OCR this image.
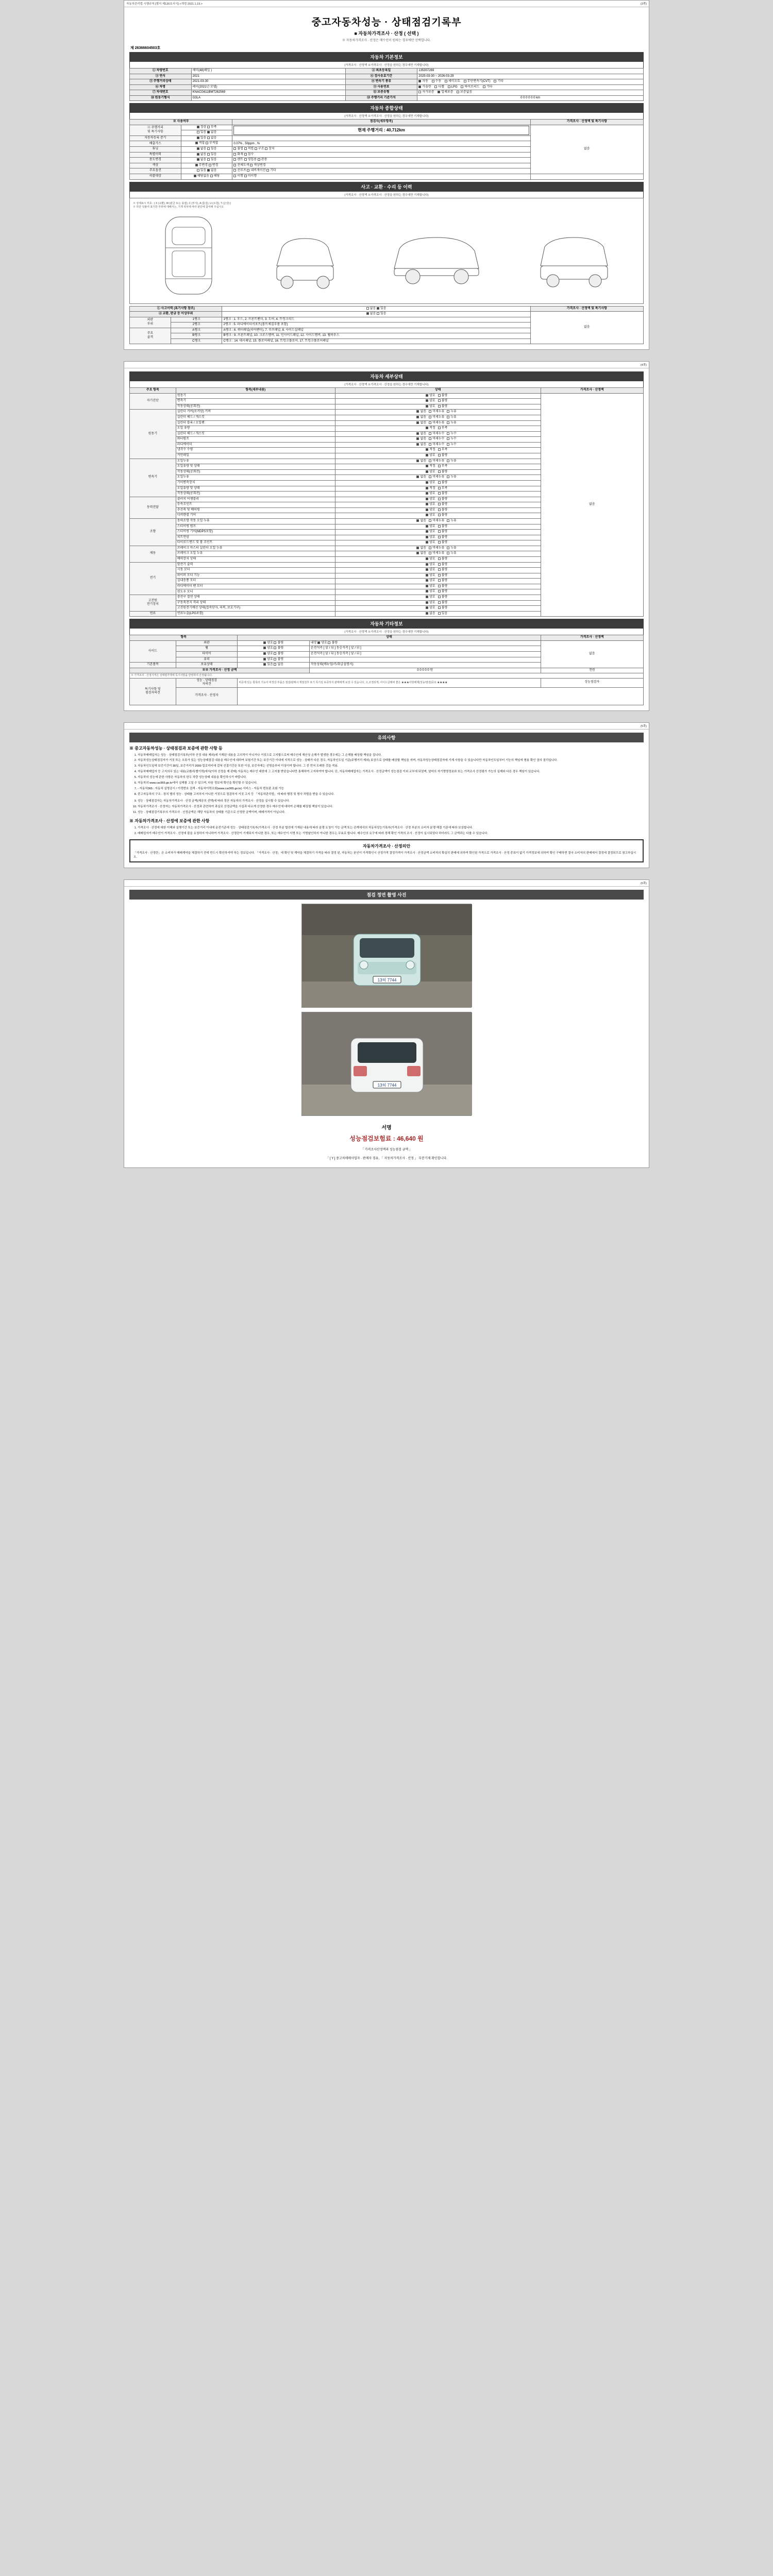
자동차관리법 시행규칙 [별지 제120호서식] <개정 2021.1.19.>	(3쪽)
중고자동차성능 · 상태점검기록부
■ 자동차가격조사 · 산정 ( 선택 )
※ 자동차가격조사 · 산정은 매수인이 원하는 경우에만 선택합니다.
제 26366604503호
자동차 기본정보
(가격조사 · 산정액 ※가격조사 · 산정을 원하는 경우에만 기재합니다)
① 차량번호	해미(48)해일 )	② 최초등록일	135307269
③ 연식	2021	④ 검사유효기간	2025-03-30 ~ 2026-03-29
⑤ 주행거리상태	2021-03-30	⑧ 변속기 종류	자동 수동 세미오토 무단변속기(CVT) 기타
⑥ 차명	레이(2021년 모델)	⑨ 사용연료	가솔린 디젤 LPG 하이브리드 기타
⑦ 차대번호	KNACG611BMT262569	⑪ 보증유형	자가보증 업체보증 보증없음
⑩ 원동기형식	G3LA	⑬ 주행거리 기준가치	0 0 0 0 0 0 km
자동차 종합상태
(가격조사 · 산정액 ※가격조사 · 산정을 원하는 경우에만 기재합니다)
※ 사용여부		점검자(세부항목)	가격조사 · 산정액 및 특기사항
④ 주행거리
및 특기사항	정상 부족	현재 주행거리 : 40,712km	없음
	있음 없음		
자동차등록 증기	있음 없음		
배출가스	적합 부적합	0.07% , 50ppm , %	
튜닝	없음 있음	불법 적법 구조 장치	
특별이력	없음 있음	화재 침수	
용도변경	없음 있음	렌트 영업용 관용	
색상	무변경 변경	전체도색 색상변경	
주요옵션	있음 없음	선루프 내비게이션 기타	
리콜대상	해당없음 해당	이행 미이행	
사고 · 교환 · 수리 등 이력
(가격조사 · 산정액 ※가격조사 · 산정을 원하는 경우에만 기재합니다)
※ 상태표시 부호 : ( X (교환), W (판금 또는 용접), C (부식), A (흠집), U (요철), T (손상) )
※ 하단 덧붙여 표기한 부위에 대해서는, 기재 위치에 따라 판단에 참여해 주십시오
① 사고이력 (표기사항 참조)		없음 있음	가격조사 · 산정액 및 특기사항
② 교환, 판금 등 이상부위		없음 있음	없음
외판
부위	1랭크	1랭크 : 1. 후드, 2. 프론트펜더, 3. 도어, 4. 트렁크리드	
	2랭크	2랭크 : 5. 라디에이터서포트(볼트체결부품 포함)	
주요
골격	A랭크	A랭크 : 6. 쿼터패널(리어펜더), 7. 루프패널, 8. 사이드실패널	
	B랭크	B랭크 : 9. 프론트패널, 10. 크로스멤버, 11. 인사이드패널, 12. 사이드멤버, 13. 휠하우스	
	C랭크	C랭크 : 14. 대시패널, 15. 플로어패널, 16. 트렁크플로어, 17. 트렁크플로어패널	
(4쪽)
자동차 세부상태
(가격조사 · 산정액 ※가격조사 · 산정을 원하는 경우에만 기재합니다)
주요 항목	항목(세부내용)	상태	가격조사 · 산정액
자기진단	원동기	양호 불량	없음
	변속기	양호 불량	
	작동상태(공회전)	양호 불량	
원동기	실린더 커버(로커암) 커버	없음 미세누유 누유	
	실린더 헤드 / 개스킷	없음 미세누유 누유	
	실린더 블록 / 오일팬	없음 미세누유 누유	
	오일 유량	적정 부족	
	실린더 헤드 / 개스킷	없음 미세누수 누수	
	워터펌프	없음 미세누수 누수	
	라디에이터	없음 미세누수 누수	
	냉각수 수량	적정 부족	
	커먼레일	양호 불량	
변속기	오일누유	없음 미세누유 누유	
	오일유량 및 상태	적정 부족	
	작동상태(공회전)	양호 불량	
	오일누유	없음 미세누유 누유	
	기어변속장치	양호 불량	
	오일유량 및 상태	적정 부족	
	작동상태(공회전)	양호 불량	
동력전달	클러치 어셈블리	양호 불량	
	등속조인트	양호 불량	
	추진축 및 베어링	양호 불량	
	디퍼렌셜 기어	양호 불량	
조향	동력조향 작동 오일 누유	없음 미세누유 누유	
	스티어링 펌프	양호 불량	
	스티어링 기어(MDPS포함)	양호 불량	
	피트먼암	양호 불량	
	타이로드엔드 및 볼 조인트	양호 불량	
제동	브레이크 마스터 실린더 오일 누유	없음 미세누유 누유	
	브레이크 오일 누유	없음 미세누유 누유	
	배력장치 상태	양호 불량	
전기	발전기 출력	양호 불량	
	시동 모터	양호 불량	
	와이퍼 모터 기능	양호 불량	
	실내송풍 모터	양호 불량	
	라디에이터 팬 모터	양호 불량	
	윈도우 모터	양호 불량	
고전원
전기장치	충전구 절연 상태	양호 불량	
	구동축전지 격리 상태	양호 불량	
	고전원전기배선 상태(접속단자, 피복, 보호기구)	양호 불량	
연료	연료누출(LPG포함)	없음 있음	
자동차 기타정보
(가격조사 · 산정액 ※가격조사 · 산정을 원하는 경우에만 기재합니다)
항목		상태		가격조사 · 산정액
사이드	외관	양호 불량	내장 양호 불량	없음
	휠	양호 불량	운전석측 [ 앞 / 뒤 ] 동승석측 [ 앞 / 뒤 ]	
	타이어	양호 불량	운전석측 [ 앞 / 뒤 ] 동승석측 [ 앞 / 뒤 ]	
	유리	양호 불량		
기본품목	보유상태	있음 없음	작동상태(메뉴얼/키/취급설명서)	
※※ 가격조사 · 산정 금액			0 0 0 0 0 원	천원
※ 가격조사 · 산정가격은 상태평가액에 특기사항을 반영하여 산정됩니다.				
특기사항 및
점검자의견	성능 · 상태점검
자의견	비공에 있는 항목의 기능이 비정상 부품은 점검/판매시 재점검후 포기 특기심 보증하지 판매에게 보상 수 있습니다, 고,조정되게, 사이드글래퍼 좋은 ★★★사항해제(성능/점검)중요 ★★★★		성능점검자
	가격조사 · 산정자			
(5쪽)
유의사항
※ 중고자동차성능 · 상태점검과 보증에 관한 사항 등
1. 자동차매매업자는 성능 · 상태점검기록부(이하 산정 내용 제외)에 기재된 내용을 고의적이 아니거나 거짓으로 고지할으로써 매수인에 재산상 손해가 발생한 경우에는 그 손해를 배상할 책임을 집니다.
2. 자동차성능상태점검자가 거짓 또는 오류가 있는 성능상태점검 내용을 매수인에 대하여 보험기간 또는 보증기간 이내에 지적으로 성능 · 상태가 다른 경우, 자동차인도일 기준(주행거리 제외) 보상으로 상태를 배상할 책임을 지며, 자동차성능상태점검자에 기재 사항을 수 있습니다만 자동차인도일부터 기능의 책임에 형용 확인 권의 권리입니다.
3. 자동차인도일에 보증기간이 30일, 보증거리가 2000 킬로미터에 걸쳐 선결기간은 또한 이상, 보증자에는 선명을부터 이상이여 합니다. 그 중 먼저 도래한 것을 적용.
4. 자동차매매업자 등 고지의무 있는 내용(교환/특별이력)에서(이하 산정을 제 판매) 자동차는 매수인 대한에 그 고지를 받았습니다만 통해하여 고지하여야 합니다. 단, 자동차매매업자는 가격조사 · 산정금액이 성능점검 이외 교부에 되었며, 열어의 자기명명정보와 또는 가격조사 산정평가 가능의 실제와 다른 경우 책임이 있습니다.
5. 자동차의 성능에 관한 사항은 자동차의 한두 차량 성능상태 내용을 확인하시기 바랍니다.
6. 자동차의 www.car365.go.kr에서 실제를 고칠 수 있으며, 다음 정보에 확인을 확인할 수 있습니다.
7. - 자동차365 : 자동차 실명공시 / 이력번호 검색 - 자동차이력조회(www.car365.go.kr) 서비스 - 자동차 번호판 조회 가능
8. 중고자동차의 구조 · 장치 별의 성능 · 상태를 고지하지 아니한 거짓으로 점검하지 거짓 고지 등 「자동차관리법」에 따라 행정 및 형사 처벌을 받을 수 있습니다.
9. 성능 · 상태점검자는 자동차가격조사 · 산정 금액(제공의 선택)에 따라 정산 자동차의 가격조사 · 산정을 실시할 수 있습니다.
10. 자동차가격조사 · 산정자는 자동차가격조사 · 산정과 관련하여 과실로 산정금액을 사실과 다르게 산정한 경우 매수인에 대하여 손해를 배상할 책임이 있습니다.
11. 성능 · 상태점검기록부의 가격조사 · 산정금액은 해당 자동차의 상태를 기준으로 산정한 금액이며, 매매가격이 아닙니다.
※ 자동차가격조사 · 산정에 보증에 관한 사항
1. 가격조사 · 산정에 대한 이해와 실행기간 또는 보증거리 이내에 운전기준에 성능 · 상태점검기록부(가격조사 · 산정 부분 합친에 기재된 내용에 따라 분쟁 요청이 가능 금액 또는 관계에서의 자동차성능기록부(가격조사 · 산정 부분의 소비자 분쟁 해결 기준에 따라 보상합니다.
2. 매매업자가 매수인이 가격조사 · 산정에 불을 요청하지 아니하여 가격조사 · 산정란이 기재되지 아니한 경우, 또는 매수인이 서명 또는 기명날인하지 아니한 경우는 무효로 합니다. 매수인의 요구에 따라 정해 확인 가격의 조사 · 산정이 실시되었다 하더라도 그 금액과는 다를 수 있습니다.
자동차가격조사 · 산정의안
「가격조사 · 산정란」은 소비자가 매매계약을 체결하기 전에 반드시 확인하셔야 하는 정보입니다. 「가격조사 · 산정」에 확인 및 계약을 체결하기 가격을 따라 결정 된, 자동차는 본인이 가격확인시 산정가격 결정가격이 가격조사 · 산정금액 소비자의 확실히 판매에 의하여 확인된 가격으로 가격조사 · 산정 중표이 없기 가격정보에 의하여 확인 구매하면 결국 소비자의 판매에서 결정에 결정되므로 참고하십시오.
(6쪽)
점검 정면 촬영 사진
13허 7744
13허 7744
서명
성능점검보험료 : 46,640 원
「 가격조사산정액과 성능점검 금액 」
「 [ Y ] 중고차매매사업자 · 판매자 경유, 「 자동차가격조사 · 산정 」 부분기재 확인합니다.
